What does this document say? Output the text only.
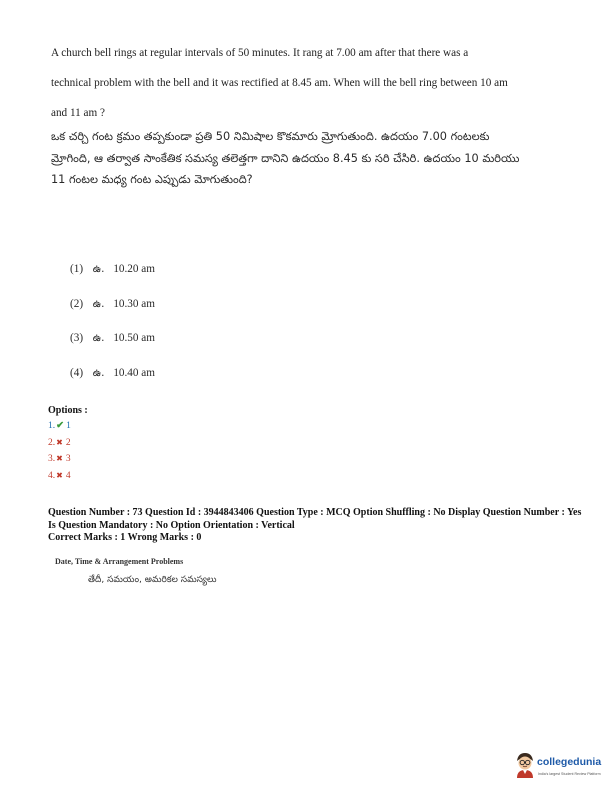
A church bell rings at regular intervals of 50 minutes. It rang at 7.00 am after that there was a technical problem with the bell and it was rectified at 8.45 am. When will the bell ring between 10 am and 11 am ?
ఒక చర్చి గంట క్రమం తప్పకుండా ప్రతి 50 నిమిషాల కొకమారు మ్రోగుతుంది. ఉదయం 7.00 గంటలకు మ్రోగింది, ఆ తర్వాత సాంకేతిక సమస్య తలెత్తగా దానిని ఉదయం 8.45 కు సరి చేసిరి. ఉదయం 10 మరియు 11 గంటల మధ్య గంట ఎప్పుడు మోగుతుంది?
(1) ఉ. 10.20 am
(2) ఉ. 10.30 am
(3) ఉ. 10.50 am
(4) ఉ. 10.40 am
Options :
1.✔ 1
2.✖ 2
3.✖ 3
4.✖ 4
Question Number : 73 Question Id : 3944843406 Question Type : MCQ Option Shuffling : No Display Question Number : Yes Is Question Mandatory : No Option Orientation : Vertical
Correct Marks : 1 Wrong Marks : 0
Date, Time & Arrangement Problems
తేదీ, సమయం, అమరికల సమస్యలు
collegedunia
India's largest Student Review Platform
